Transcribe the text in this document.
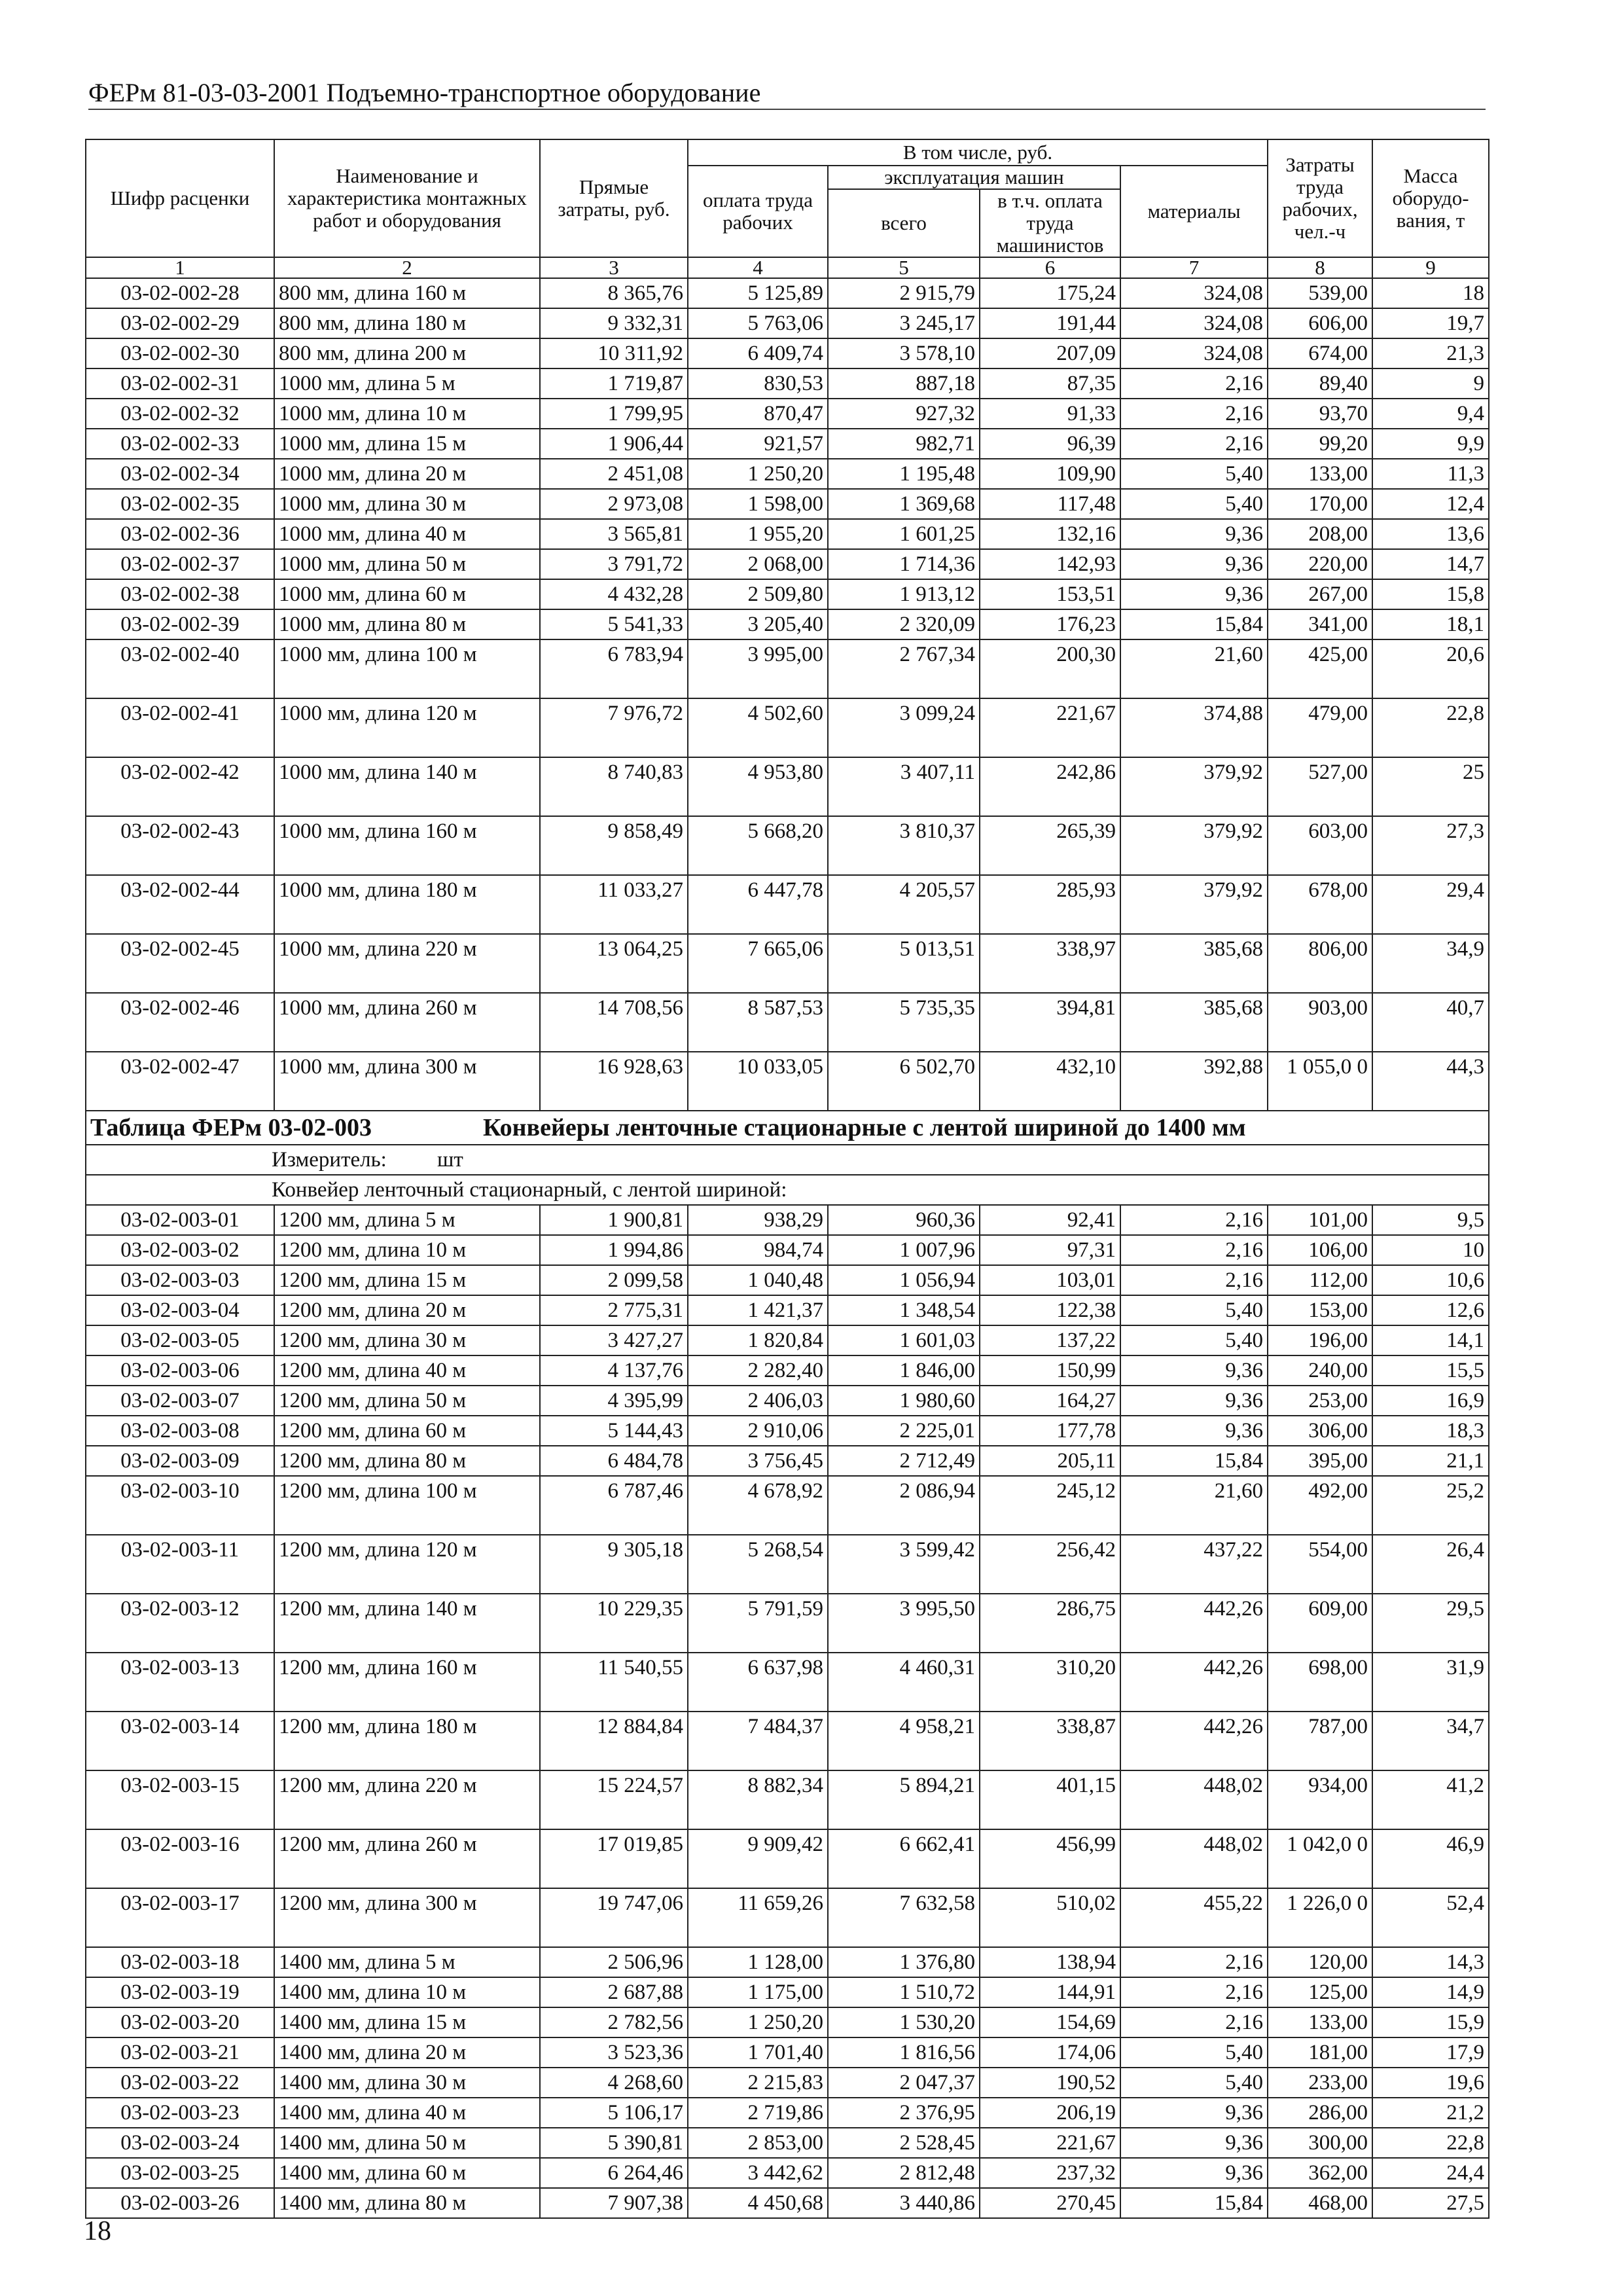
ФЕРм 81-03-03-2001 Подъемно-транспортное оборудование
Шифр расценки	Наименование и характеристика монтажных работ и оборудования	Прямые затраты, руб.	В том числе, руб.				Затраты труда рабочих, чел.-ч	Масса оборудо-вания, т
			оплата труда рабочих	эксплуатация машин		материалы		
				всего	в т.ч. оплата труда машинистов			
1	2	3	4	5	6	7	8	9
03-02-002-28	800 мм, длина 160 м	8 365,76	5 125,89	2 915,79	175,24	324,08	539,00	18
03-02-002-29	800 мм, длина 180 м	9 332,31	5 763,06	3 245,17	191,44	324,08	606,00	19,7
03-02-002-30	800 мм, длина 200 м	10 311,92	6 409,74	3 578,10	207,09	324,08	674,00	21,3
03-02-002-31	1000 мм, длина 5 м	1 719,87	830,53	887,18	87,35	2,16	89,40	9
03-02-002-32	1000 мм, длина 10 м	1 799,95	870,47	927,32	91,33	2,16	93,70	9,4
03-02-002-33	1000 мм, длина 15 м	1 906,44	921,57	982,71	96,39	2,16	99,20	9,9
03-02-002-34	1000 мм, длина 20 м	2 451,08	1 250,20	1 195,48	109,90	5,40	133,00	11,3
03-02-002-35	1000 мм, длина 30 м	2 973,08	1 598,00	1 369,68	117,48	5,40	170,00	12,4
03-02-002-36	1000 мм, длина 40 м	3 565,81	1 955,20	1 601,25	132,16	9,36	208,00	13,6
03-02-002-37	1000 мм, длина 50 м	3 791,72	2 068,00	1 714,36	142,93	9,36	220,00	14,7
03-02-002-38	1000 мм, длина 60 м	4 432,28	2 509,80	1 913,12	153,51	9,36	267,00	15,8
03-02-002-39	1000 мм, длина 80 м	5 541,33	3 205,40	2 320,09	176,23	15,84	341,00	18,1
03-02-002-40	1000 мм, длина 100 м	6 783,94	3 995,00	2 767,34	200,30	21,60	425,00	20,6
03-02-002-41	1000 мм, длина 120 м	7 976,72	4 502,60	3 099,24	221,67	374,88	479,00	22,8
03-02-002-42	1000 мм, длина 140 м	8 740,83	4 953,80	3 407,11	242,86	379,92	527,00	25
03-02-002-43	1000 мм, длина 160 м	9 858,49	5 668,20	3 810,37	265,39	379,92	603,00	27,3
03-02-002-44	1000 мм, длина 180 м	11 033,27	6 447,78	4 205,57	285,93	379,92	678,00	29,4
03-02-002-45	1000 мм, длина 220 м	13 064,25	7 665,06	5 013,51	338,97	385,68	806,00	34,9
03-02-002-46	1000 мм, длина 260 м	14 708,56	8 587,53	5 735,35	394,81	385,68	903,00	40,7
03-02-002-47	1000 мм, длина 300 м	16 928,63	10 033,05	6 502,70	432,10	392,88	1 055,0 0	44,3
Таблица ФЕРм 03-02-003 Конвейеры ленточные стационарные с лентой шириной до 1400 мм								
Измеритель: шт								
Конвейер ленточный стационарный, с лентой шириной:								
03-02-003-01	1200 мм, длина 5 м	1 900,81	938,29	960,36	92,41	2,16	101,00	9,5
03-02-003-02	1200 мм, длина 10 м	1 994,86	984,74	1 007,96	97,31	2,16	106,00	10
03-02-003-03	1200 мм, длина 15 м	2 099,58	1 040,48	1 056,94	103,01	2,16	112,00	10,6
03-02-003-04	1200 мм, длина 20 м	2 775,31	1 421,37	1 348,54	122,38	5,40	153,00	12,6
03-02-003-05	1200 мм, длина 30 м	3 427,27	1 820,84	1 601,03	137,22	5,40	196,00	14,1
03-02-003-06	1200 мм, длина 40 м	4 137,76	2 282,40	1 846,00	150,99	9,36	240,00	15,5
03-02-003-07	1200 мм, длина 50 м	4 395,99	2 406,03	1 980,60	164,27	9,36	253,00	16,9
03-02-003-08	1200 мм, длина 60 м	5 144,43	2 910,06	2 225,01	177,78	9,36	306,00	18,3
03-02-003-09	1200 мм, длина 80 м	6 484,78	3 756,45	2 712,49	205,11	15,84	395,00	21,1
03-02-003-10	1200 мм, длина 100 м	6 787,46	4 678,92	2 086,94	245,12	21,60	492,00	25,2
03-02-003-11	1200 мм, длина 120 м	9 305,18	5 268,54	3 599,42	256,42	437,22	554,00	26,4
03-02-003-12	1200 мм, длина 140 м	10 229,35	5 791,59	3 995,50	286,75	442,26	609,00	29,5
03-02-003-13	1200 мм, длина 160 м	11 540,55	6 637,98	4 460,31	310,20	442,26	698,00	31,9
03-02-003-14	1200 мм, длина 180 м	12 884,84	7 484,37	4 958,21	338,87	442,26	787,00	34,7
03-02-003-15	1200 мм, длина 220 м	15 224,57	8 882,34	5 894,21	401,15	448,02	934,00	41,2
03-02-003-16	1200 мм, длина 260 м	17 019,85	9 909,42	6 662,41	456,99	448,02	1 042,0 0	46,9
03-02-003-17	1200 мм, длина 300 м	19 747,06	11 659,26	7 632,58	510,02	455,22	1 226,0 0	52,4
03-02-003-18	1400 мм, длина 5 м	2 506,96	1 128,00	1 376,80	138,94	2,16	120,00	14,3
03-02-003-19	1400 мм, длина 10 м	2 687,88	1 175,00	1 510,72	144,91	2,16	125,00	14,9
03-02-003-20	1400 мм, длина 15 м	2 782,56	1 250,20	1 530,20	154,69	2,16	133,00	15,9
03-02-003-21	1400 мм, длина 20 м	3 523,36	1 701,40	1 816,56	174,06	5,40	181,00	17,9
03-02-003-22	1400 мм, длина 30 м	4 268,60	2 215,83	2 047,37	190,52	5,40	233,00	19,6
03-02-003-23	1400 мм, длина 40 м	5 106,17	2 719,86	2 376,95	206,19	9,36	286,00	21,2
03-02-003-24	1400 мм, длина 50 м	5 390,81	2 853,00	2 528,45	221,67	9,36	300,00	22,8
03-02-003-25	1400 мм, длина 60 м	6 264,46	3 442,62	2 812,48	237,32	9,36	362,00	24,4
03-02-003-26	1400 мм, длина 80 м	7 907,38	4 450,68	3 440,86	270,45	15,84	468,00	27,5
18
